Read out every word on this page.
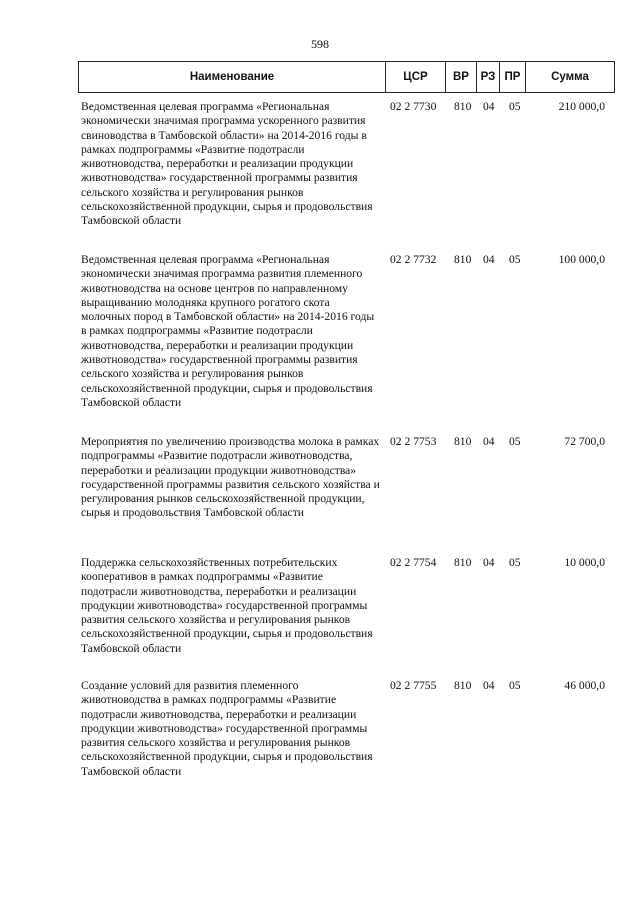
598
Наименование	ЦСР	ВР	РЗ ПР	Сумма
Ведомственная целевая программа «Региональная экономически значимая программа ускоренного развития свиноводства в Тамбовской области» на 2014-2016 годы в рамках подпрограммы «Развитие подотрасли животноводства, переработки и реализации продукции животноводства» государственной программы развития сельского хозяйства и регулирования рынков сельскохозяйственной продукции, сырья и продовольствия Тамбовской области
02 2 7730	810	04	05	210 000,0
Ведомственная целевая программа «Региональная экономически значимая программа развития племенного животноводства на основе центров по направленному выращиванию молодняка крупного рогатого скота молочных пород в Тамбовской области» на 2014-2016 годы в рамках подпрограммы «Развитие подотрасли животноводства, переработки и реализации продукции животноводства» государственной программы развития сельского хозяйства и регулирования рынков сельскохозяйственной продукции, сырья и продовольствия Тамбовской области
02 2 7732	810	04	05	100 000,0
Мероприятия по увеличению производства молока в рамках подпрограммы «Развитие подотрасли животноводства, переработки и реализации продукции животноводства» государственной программы развития сельского хозяйства и регулирования рынков сельскохозяйственной продукции, сырья и продовольствия Тамбовской области
02 2 7753	810	04	05	72 700,0
Поддержка сельскохозяйственных потребительских кооперативов в рамках подпрограммы «Развитие подотрасли животноводства, переработки и реализации продукции животноводства» государственной программы развития сельского хозяйства и регулирования рынков сельскохозяйственной продукции, сырья и продовольствия Тамбовской области
02 2 7754	810	04	05	10 000,0
Создание условий для развития племенного животноводства в рамках подпрограммы «Развитие подотрасли животноводства, переработки и реализации продукции животноводства» государственной программы развития сельского хозяйства и регулирования рынков сельскохозяйственной продукции, сырья и продовольствия Тамбовской области
02 2 7755	810	04	05	46 000,0
